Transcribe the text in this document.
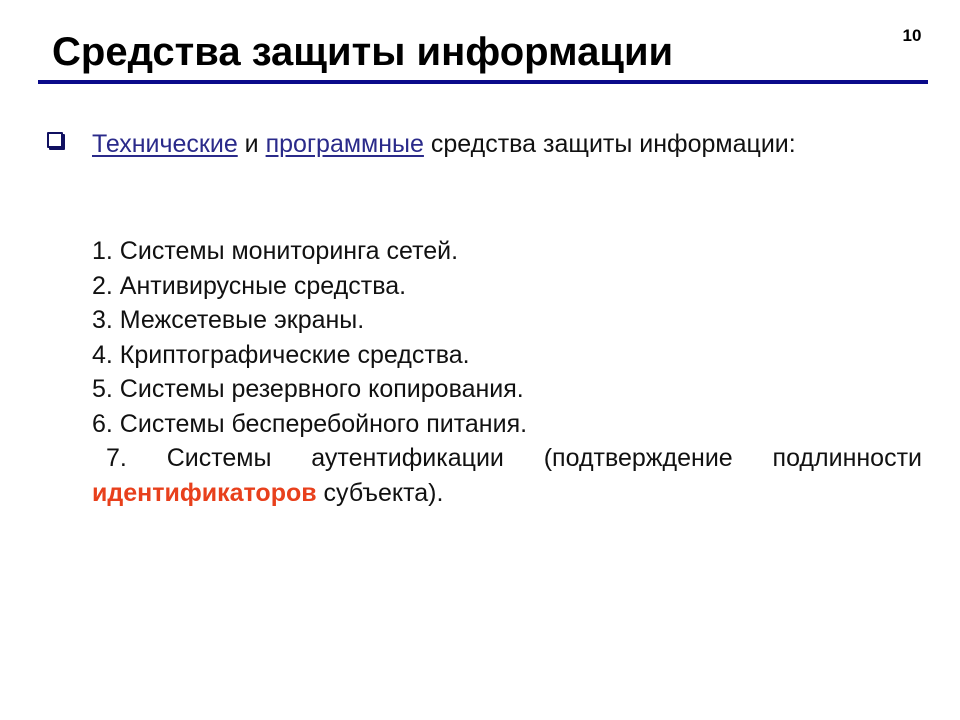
10
Средства защиты информации
Технические и программные средства защиты информации:
1. Системы мониторинга сетей.
2. Антивирусные средства.
3. Межсетевые экраны.
4. Криптографические средства.
5. Системы резервного копирования.
6. Системы бесперебойного питания.
7. Системы аутентификации (подтверждение подлинности идентификаторов субъекта).
